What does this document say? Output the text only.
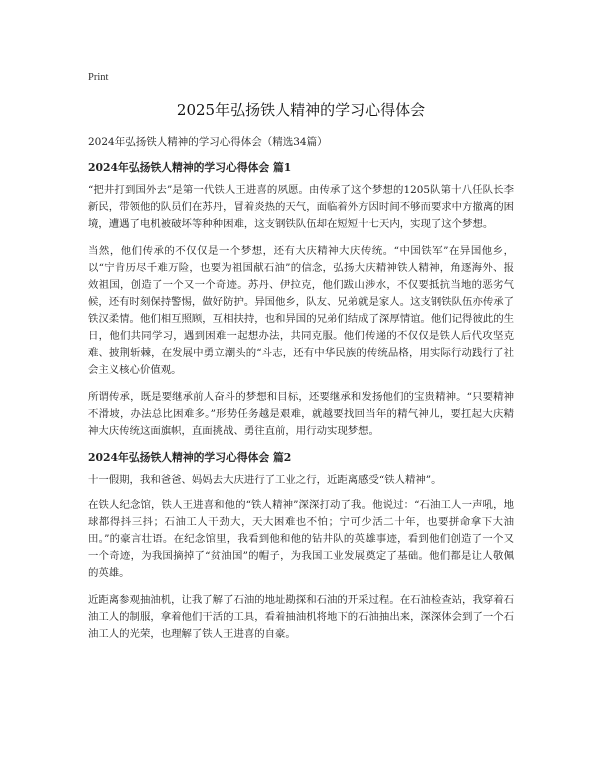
Print
2025年弘扬铁人精神的学习心得体会
2024年弘扬铁人精神的学习心得体会（精选34篇）
2024年弘扬铁人精神的学习心得体会 篇1

“把井打到国外去”是第一代铁人王进喜的夙愿。由传承了这个梦想的1205队第十八任队长李新民，带领他的队员们在苏丹，冒着炎热的天气，面临着外方因时间不够而要求中方撤离的困境，遭遇了电机被破坏等种种困难，这支钢铁队伍却在短短十七天内，实现了这个梦想。

当然，他们传承的不仅仅是一个梦想，还有大庆精神大庆传统。“中国铁军”在异国他乡，以“宁肯历尽千难万险，也要为祖国献石油”的信念，弘扬大庆精神铁人精神，角逐海外、报效祖国，创造了一个又一个奇迹。苏丹、伊拉克，他们跋山涉水，不仅要抵抗当地的恶劣气候，还有时刻保持警惕，做好防护。异国他乡，队友、兄弟就是家人。这支钢铁队伍亦传承了铁汉柔情。他们相互照顾，互相扶持，也和异国的兄弟们结成了深厚情谊。他们记得彼此的生日，他们共同学习，遇到困难一起想办法，共同克服。他们传递的不仅仅是铁人后代攻坚克难、披荆斩棘，在发展中勇立潮头的“斗志，还有中华民族的传统品格，用实际行动践行了社会主义核心价值观。

所谓传承，既是要继承前人奋斗的梦想和目标，还要继承和发扬他们的宝贵精神。“只要精神不滑坡，办法总比困难多。”形势任务越是艰难，就越要找回当年的精气神儿，要扛起大庆精神大庆传统这面旗帜，直面挑战、勇往直前，用行动实现梦想。

2024年弘扬铁人精神的学习心得体会 篇2

十一假期，我和爸爸、妈妈去大庆进行了工业之行，近距离感受“铁人精神”。

在铁人纪念馆，铁人王进喜和他的“铁人精神”深深打动了我。他说过：“石油工人一声吼，地球都得抖三抖；石油工人干劲大，天大困难也不怕；宁可少活二十年，也要拼命拿下大油田。”的豪言壮语。在纪念馆里，我看到他和他的钻井队的英雄事迹，看到他们创造了一个又一个奇迹，为我国摘掉了“贫油国”的帽子，为我国工业发展奠定了基础。他们都是让人敬佩的英雄。

近距离参观抽油机，让我了解了石油的地址勘探和石油的开采过程。在石油检查站，我穿着石油工人的制服，拿着他们干活的工具，看着抽油机将地下的石油抽出来，深深体会到了一个石油工人的光荣，也理解了铁人王进喜的自豪。
